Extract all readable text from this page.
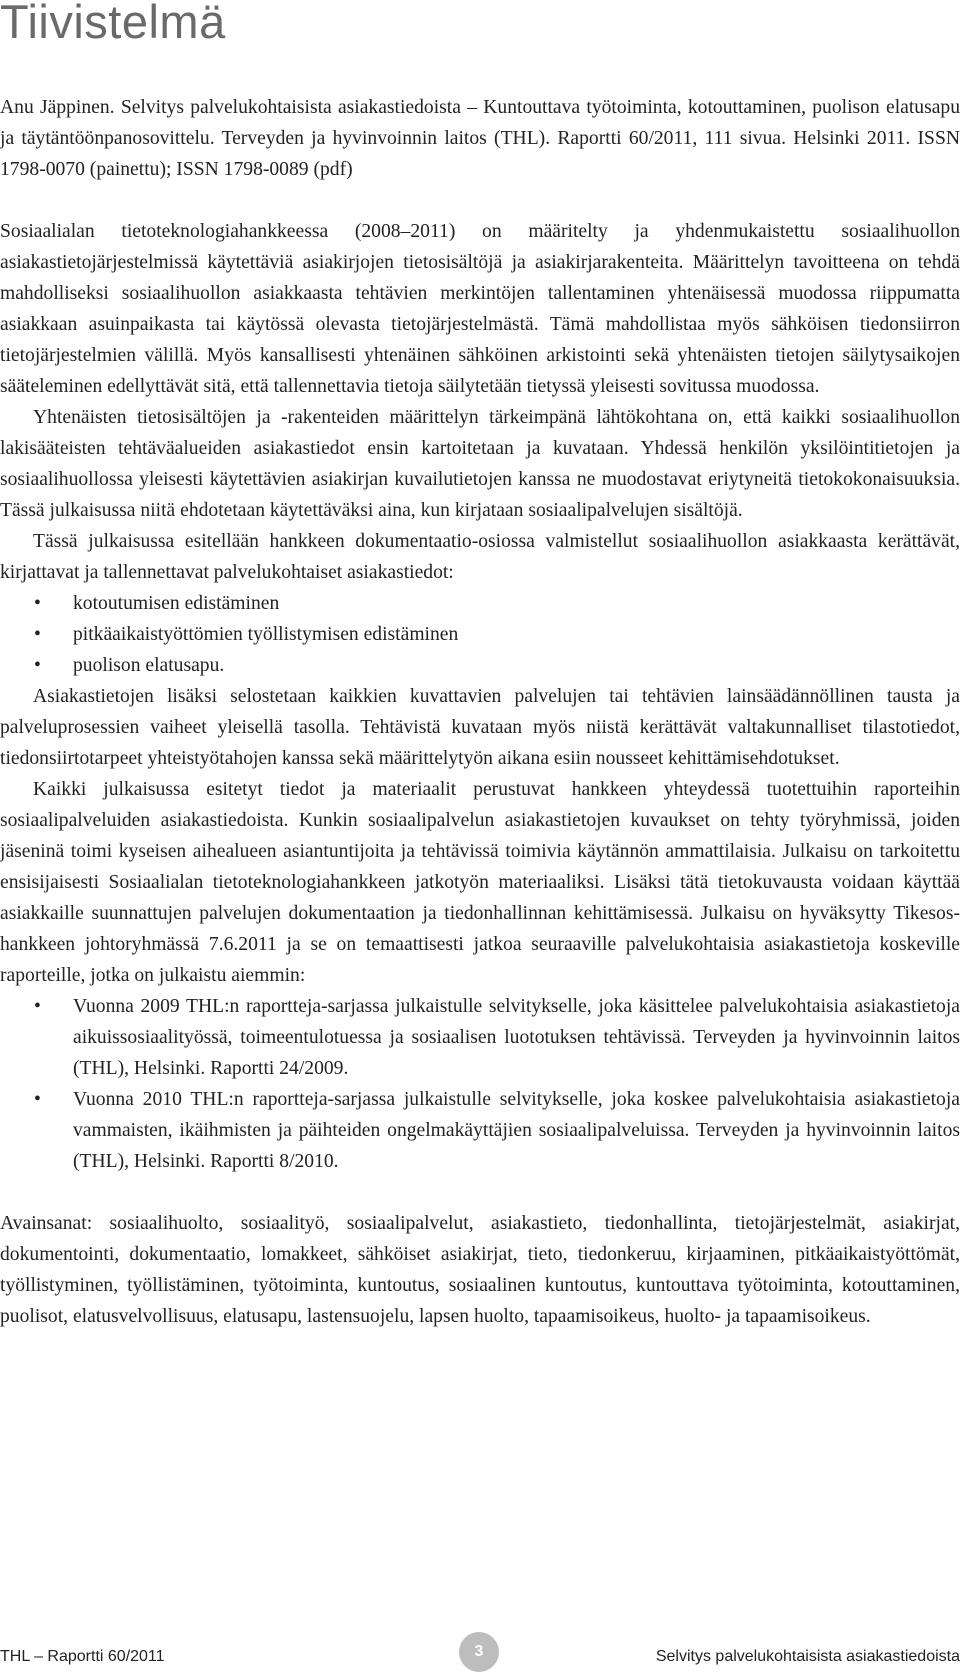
Tiivistelmä

Anu Jäppinen. Selvitys palvelukohtaisista asiakastiedoista – Kuntouttava työtoiminta, kotouttaminen, puolison elatusapu ja täytäntöönpanosovittelu. Terveyden ja hyvinvoinnin laitos (THL). Raportti 60/2011, 111 sivua. Helsinki 2011. ISSN 1798-0070 (painettu); ISSN 1798-0089 (pdf)

Sosiaalialan tietoteknologiahankkeessa (2008–2011) on määritelty ja yhdenmukaistettu sosiaalihuollon asiakastietojärjestelmissä käytettäviä asiakirjojen tietosisältöjä ja asiakirjarakenteita. Määrittelyn tavoitteena on tehdä mahdolliseksi sosiaalihuollon asiakkaasta tehtävien merkintöjen tallentaminen yhtenäisessä muodossa riippumatta asiakkaan asuinpaikasta tai käytössä olevasta tietojärjestelmästä. Tämä mahdollistaa myös sähköisen tiedonsiirron tietojärjestelmien välillä. Myös kansallisesti yhtenäinen sähköinen arkistointi sekä yhtenäisten tietojen säilytysaikojen säätеleminen edellyttävät sitä, että tallennettavia tietoja säilytetään tietyssä yleisesti sovitussa muodossa.

Yhtenäisten tietosisältöjen ja -rakenteiden määrittelyn tärkeimpänä lähtökohtana on, että kaikki sosiaalihuollon lakisääteisten tehtäväalueiden asiakastiedot ensin kartoitetaan ja kuvataan. Yhdessä henkilön yksilöintitietojen ja sosiaalihuollossa yleisesti käytettävien asiakirjan kuvailutietojen kanssa ne muodostavat eriytyneitä tietokokonaisuuksia. Tässä julkaisussa niitä ehdotetaan käytettäväksi aina, kun kirjataan sosiaalipalvelujen sisältöjä.

Tässä julkaisussa esitellään hankkeen dokumentaatio-osiossa valmistellut sosiaalihuollon asiakkaasta kerättävät, kirjattavat ja tallennettavat palvelukohtaiset asiakastiedot:

• kotoutumisen edistäminen
• pitkäaikaistyöttömien työllistymisen edistäminen
• puolison elatusapu.

Asiakastietojen lisäksi selostetaan kaikkien kuvattavien palvelujen tai tehtävien lainsäädännöllinen tausta ja palveluprosessien vaiheet yleisellä tasolla. Tehtävistä kuvataan myös niistä kerättävät valtakunnalliset tilastotiedot, tiedonsiirtotarpeet yhteistyötahojen kanssa sekä määrittelytyön aikana esiin nousseet kehittämisehdotukset.

Kaikki julkaisussa esitetyt tiedot ja materiaalit perustuvat hankkeen yhteydessä tuotettuihin raporteihin sosiaalipalveluiden asiakastiedoista. Kunkin sosiaalipalvelun asiakastietojen kuvaukset on tehty työryhmissä, joiden jäseninä toimi kyseisen aihealueen asiantuntijoita ja tehtävissä toimivia käytännön ammattilaisia. Julkaisu on tarkoitettu ensisijaisesti Sosiaalialan tietoteknologiahankkeen jatkotyön materiaaliksi. Lisäksi tätä tietokuvausta voidaan käyttää asiakkaille suunnattujen palvelujen dokumentaation ja tiedonhallinnan kehittämisessä. Julkaisu on hyväksytty Tikesos-hankkeen johtoryhmässä 7.6.2011 ja se on temaattisesti jatkoa seuraaville palvelukohtaisia asiakastietoja koskeville raporteille, jotka on julkaistu aiemmin:

• Vuonna 2009 THL:n raportteja-sarjassa julkaistulle selvitykselle, joka käsittelee palvelukohtaisia asiakastietoja aikuissosiaalityössä, toimeentulotuessa ja sosiaalisen luototuksen tehtävissä. Terveyden ja hyvinvoinnin laitos (THL), Helsinki. Raportti 24/2009.
• Vuonna 2010 THL:n raportteja-sarjassa julkaistulle selvitykselle, joka koskee palvelukohtaisia asiakastietoja vammaisten, ikäihmisten ja päihteiden ongelmakäyttäjien sosiaalipalveluissa. Terveyden ja hyvinvoinnin laitos (THL), Helsinki. Raportti 8/2010.

Avainsanat: sosiaalihuolto, sosiaalityö, sosiaalipalvelut, asiakastieto, tiedonhallinta, tietojärjestelmät, asiakirjat, dokumentointi, dokumentaatio, lomakkeet, sähköiset asiakirjat, tieto, tiedonkeruu, kirjaaminen, pitkäaikaistyöttömät, työllistyminen, työllistäminen, työtoiminta, kuntoutus, sosiaalinen kuntoutus, kuntouttava työtoiminta, kotouttaminen, puolisot, elatusvelvollisuus, elatusapu, lastensuojelu, lapsen huolto, tapaamisoikeus, huolto- ja tapaamisoikeus.

THL – Raportti 60/2011	3	Selvitys palvelukohtaisista asiakastiedoista
